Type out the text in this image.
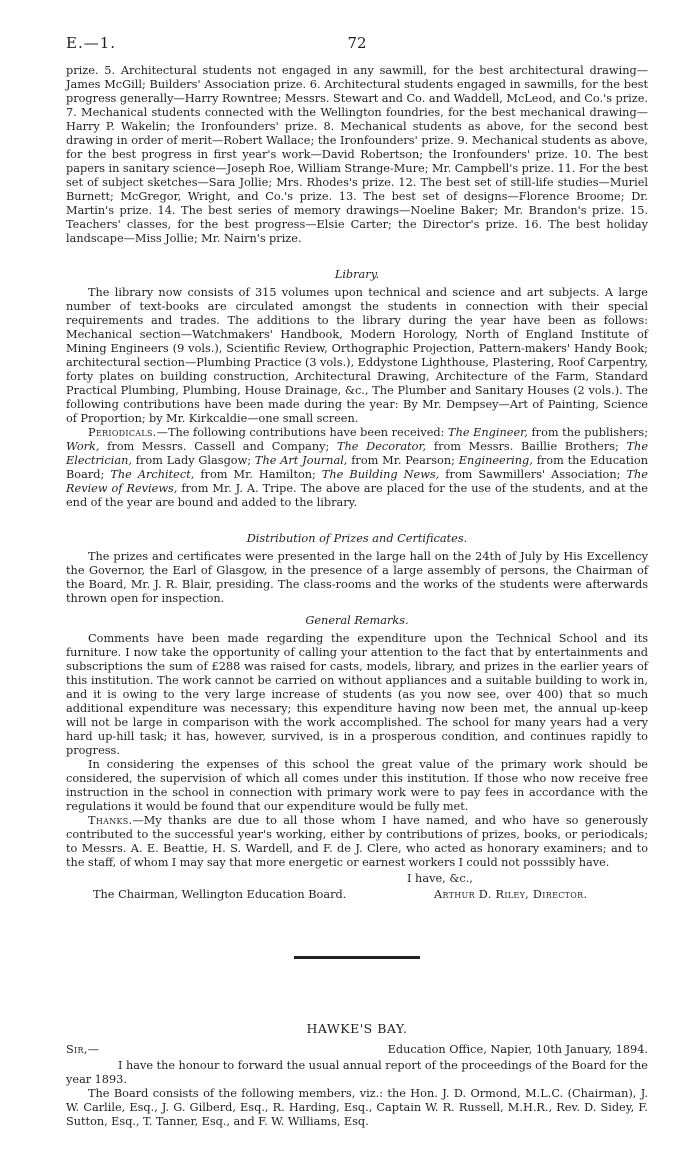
E.—1.	72

prize. 5. Architectural students not engaged in any sawmill, for the best architectural drawing—James McGill; Builders' Association prize. 6. Architectural students engaged in sawmills, for the best progress generally—Harry Rowntree; Messrs. Stewart and Co. and Waddell, McLeod, and Co.'s prize. 7. Mechanical students connected with the Wellington foundries, for the best mechanical drawing—Harry P. Wakelin; the Ironfounders' prize. 8. Mechanical students as above, for the second best drawing in order of merit—Robert Wallace; the Ironfounders' prize. 9. Mechanical students as above, for the best progress in first year's work—David Robertson; the Ironfounders' prize. 10. The best papers in sanitary science—Joseph Roe, William Strange-Mure; Mr. Campbell's prize. 11. For the best set of subject sketches—Sara Jollie; Mrs. Rhodes's prize. 12. The best set of still-life studies—Muriel Burnett; McGregor, Wright, and Co.'s prize. 13. The best set of designs—Florence Broome; Dr. Martin's prize. 14. The best series of memory drawings—Noeline Baker; Mr. Brandon's prize. 15. Teachers' classes, for the best progress—Elsie Carter; the Director's prize. 16. The best holiday landscape—Miss Jollie; Mr. Nairn's prize.

Library.

The library now consists of 315 volumes upon technical and science and art subjects. A large number of text-books are circulated amongst the students in connection with their special requirements and trades. The additions to the library during the year have been as follows: Mechanical section—Watchmakers' Handbook, Modern Horology, North of England Institute of Mining Engineers (9 vols.), Scientific Review, Orthographic Projection, Pattern-makers' Handy Book; architectural section—Plumbing Practice (3 vols.), Eddystone Lighthouse, Plastering, Roof Carpentry, forty plates on building construction, Architectural Drawing, Architecture of the Farm, Standard Practical Plumbing, Plumbing, House Drainage, &c., The Plumber and Sanitary Houses (2 vols.). The following contributions have been made during the year: By Mr. Dempsey—Art of Painting, Science of Proportion; by Mr. Kirkcaldie—one small screen.

Periodicals.—The following contributions have been received: The Engineer, from the publishers; Work, from Messrs. Cassell and Company; The Decorator, from Messrs. Baillie Brothers; The Electrician, from Lady Glasgow; The Art Journal, from Mr. Pearson; Engineering, from the Education Board; The Architect, from Mr. Hamilton; The Building News, from Sawmillers' Association; The Review of Reviews, from Mr. J. A. Tripe. The above are placed for the use of the students, and at the end of the year are bound and added to the library.

Distribution of Prizes and Certificates.

The prizes and certificates were presented in the large hall on the 24th of July by His Excellency the Governor, the Earl of Glasgow, in the presence of a large assembly of persons, the Chairman of the Board, Mr. J. R. Blair, presiding. The class-rooms and the works of the students were afterwards thrown open for inspection.

General Remarks.

Comments have been made regarding the expenditure upon the Technical School and its furniture. I now take the opportunity of calling your attention to the fact that by entertainments and subscriptions the sum of £288 was raised for casts, models, library, and prizes in the earlier years of this institution. The work cannot be carried on without appliances and a suitable building to work in, and it is owing to the very large increase of students (as you now see, over 400) that so much additional expenditure was necessary; this expenditure having now been met, the annual up-keep will not be large in comparison with the work accomplished. The school for many years had a very hard up-hill task; it has, however, survived, is in a prosperous condition, and continues rapidly to progress.

In considering the expenses of this school the great value of the primary work should be considered, the supervision of which all comes under this institution. If those who now receive free instruction in the school in connection with primary work were to pay fees in accordance with the regulations it would be found that our expenditure would be fully met.

Thanks.—My thanks are due to all those whom I have named, and who have so generously contributed to the successful year's working, either by contributions of prizes, books, or periodicals; to Messrs. A. E. Beattie, H. S. Wardell, and F. de J. Clere, who acted as honorary examiners; and to the staff, of whom I may say that more energetic or earnest workers I could not posssibly have.

I have, &c.,
The Chairman, Wellington Education Board.	Arthur D. Riley, Director.
HAWKE'S BAY.
Sir,—	Education Office, Napier, 10th January, 1894.

I have the honour to forward the usual annual report of the proceedings of the Board for the year 1893.

The Board consists of the following members, viz.: the Hon. J. D. Ormond, M.L.C. (Chairman), J. W. Carlile, Esq., J. G. Gilberd, Esq., R. Harding, Esq., Captain W. R. Russell, M.H.R., Rev. D. Sidey, F. Sutton, Esq., T. Tanner, Esq., and F. W. Williams, Esq.
